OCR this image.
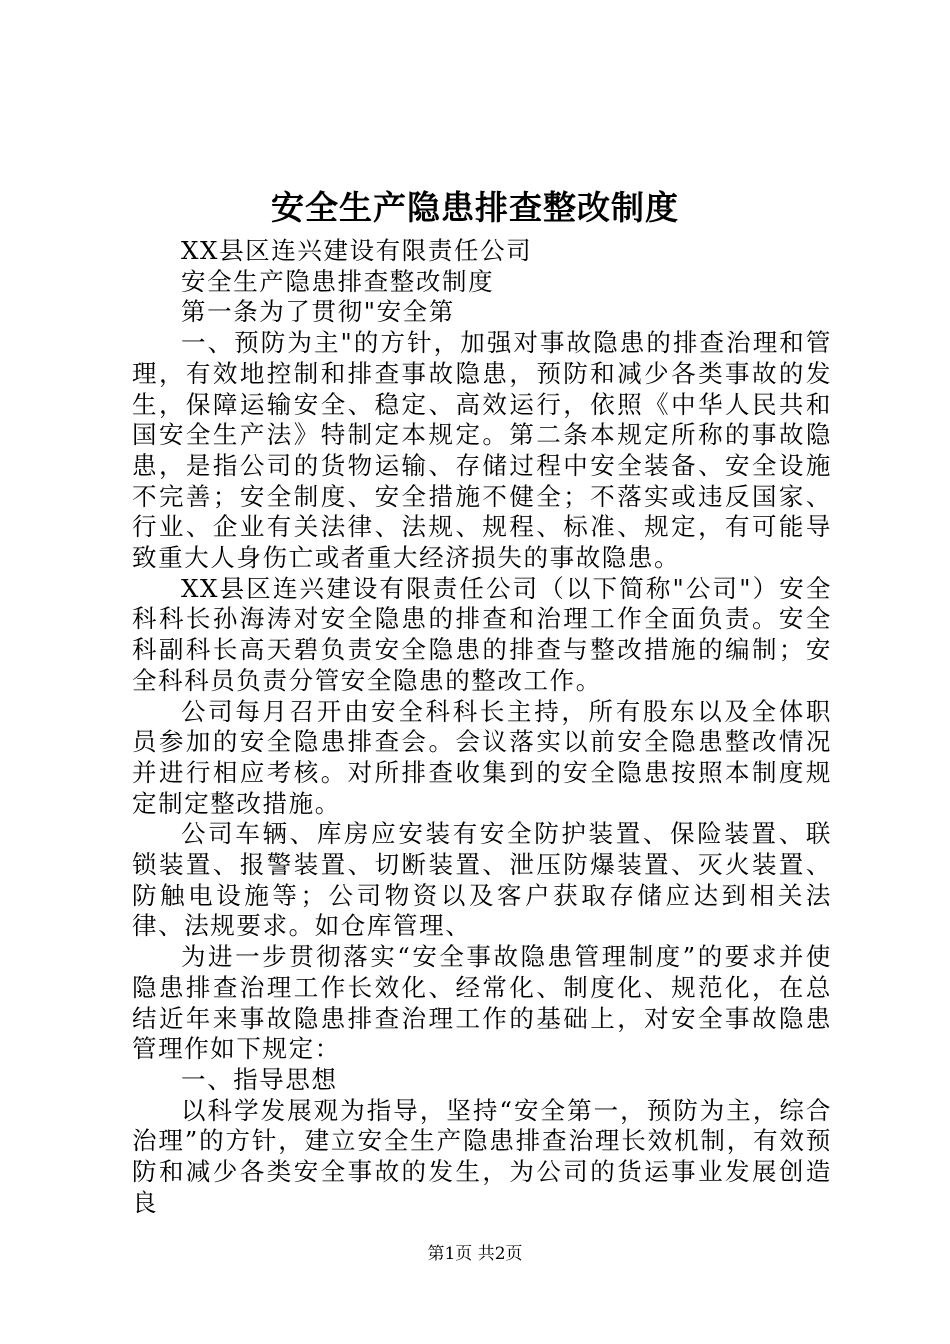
安全生产隐患排查整改制度

XX县区连兴建设有限责任公司

安全生产隐患排查整改制度

第一条为了贯彻"安全第

一、预防为主"的方针，加强对事故隐患的排查治理和管理，有效地控制和排查事故隐患，预防和减少各类事故的发生，保障运输安全、稳定、高效运行，依照《中华人民共和国安全生产法》特制定本规定。第二条本规定所称的事故隐患，是指公司的货物运输、存储过程中安全装备、安全设施不完善；安全制度、安全措施不健全；不落实或违反国家、行业、企业有关法律、法规、规程、标准、规定，有可能导致重大人身伤亡或者重大经济损失的事故隐患。

XX县区连兴建设有限责任公司（以下简称"公司"）安全科科长孙海涛对安全隐患的排查和治理工作全面负责。安全科副科长高天碧负责安全隐患的排查与整改措施的编制；安全科科员负责分管安全隐患的整改工作。

公司每月召开由安全科科长主持，所有股东以及全体职员参加的安全隐患排查会。会议落实以前安全隐患整改情况并进行相应考核。对所排查收集到的安全隐患按照本制度规定制定整改措施。

公司车辆、库房应安装有安全防护装置、保险装置、联锁装置、报警装置、切断装置、泄压防爆装置、灭火装置、防触电设施等；公司物资以及客户获取存储应达到相关法律、法规要求。如仓库管理、

为进一步贯彻落实“安全事故隐患管理制度”的要求并使隐患排查治理工作长效化、经常化、制度化、规范化，在总结近年来事故隐患排查治理工作的基础上，对安全事故隐患管理作如下规定：

一、指导思想

以科学发展观为指导，坚持“安全第一，预防为主，综合治理”的方针，建立安全生产隐患排查治理长效机制，有效预防和减少各类安全事故的发生，为公司的货运事业发展创造良

第1页 共2页
